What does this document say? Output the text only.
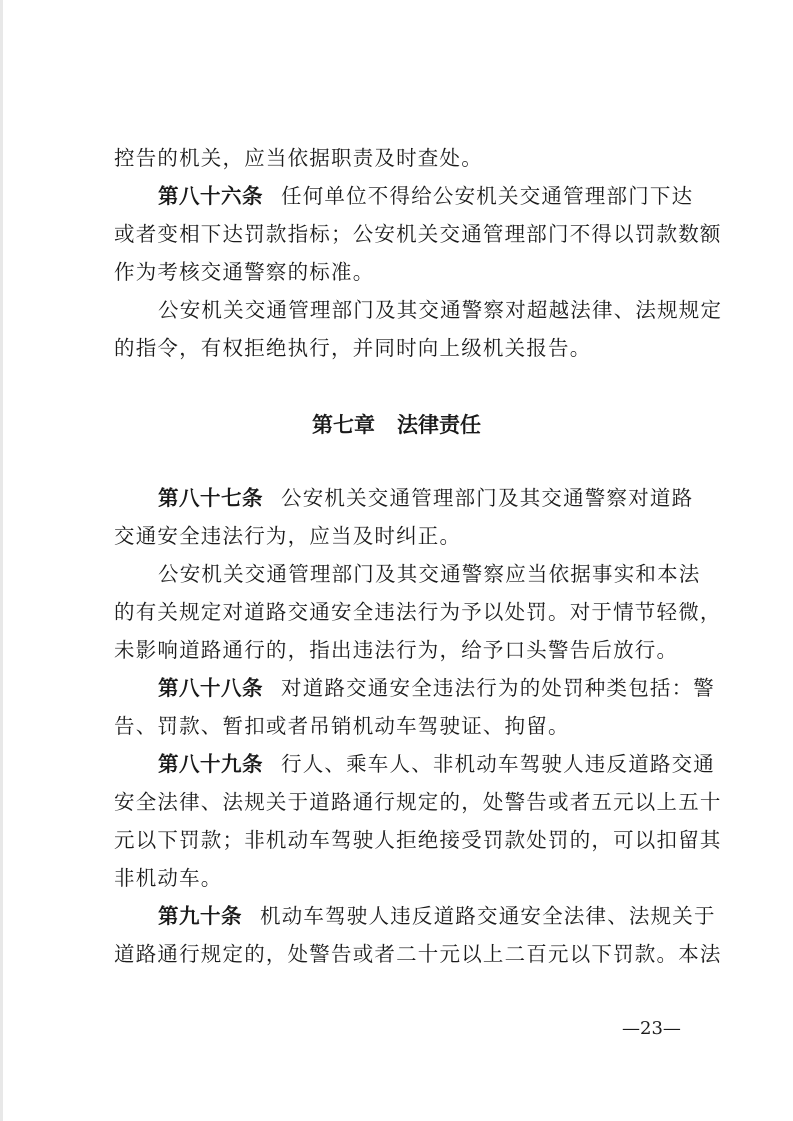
控告的机关，应当依据职责及时查处。
第八十六条 任何单位不得给公安机关交通管理部门下达
或者变相下达罚款指标；公安机关交通管理部门不得以罚款数额
作为考核交通警察的标准。
公安机关交通管理部门及其交通警察对超越法律、法规规定
的指令，有权拒绝执行，并同时向上级机关报告。
第八十七条 公安机关交通管理部门及其交通警察对道路
交通安全违法行为，应当及时纠正。
公安机关交通管理部门及其交通警察应当依据事实和本法
的有关规定对道路交通安全违法行为予以处罚。对于情节轻微，
未影响道路通行的，指出违法行为，给予口头警告后放行。
第八十八条 对道路交通安全违法行为的处罚种类包括：警
告、罚款、暂扣或者吊销机动车驾驶证、拘留。
第八十九条 行人、乘车人、非机动车驾驶人违反道路交通
安全法律、法规关于道路通行规定的，处警告或者五元以上五十
元以下罚款；非机动车驾驶人拒绝接受罚款处罚的，可以扣留其
非机动车。
第九十条 机动车驾驶人违反道路交通安全法律、法规关于
道路通行规定的，处警告或者二十元以上二百元以下罚款。本法
第七章 法律责任
—23—
